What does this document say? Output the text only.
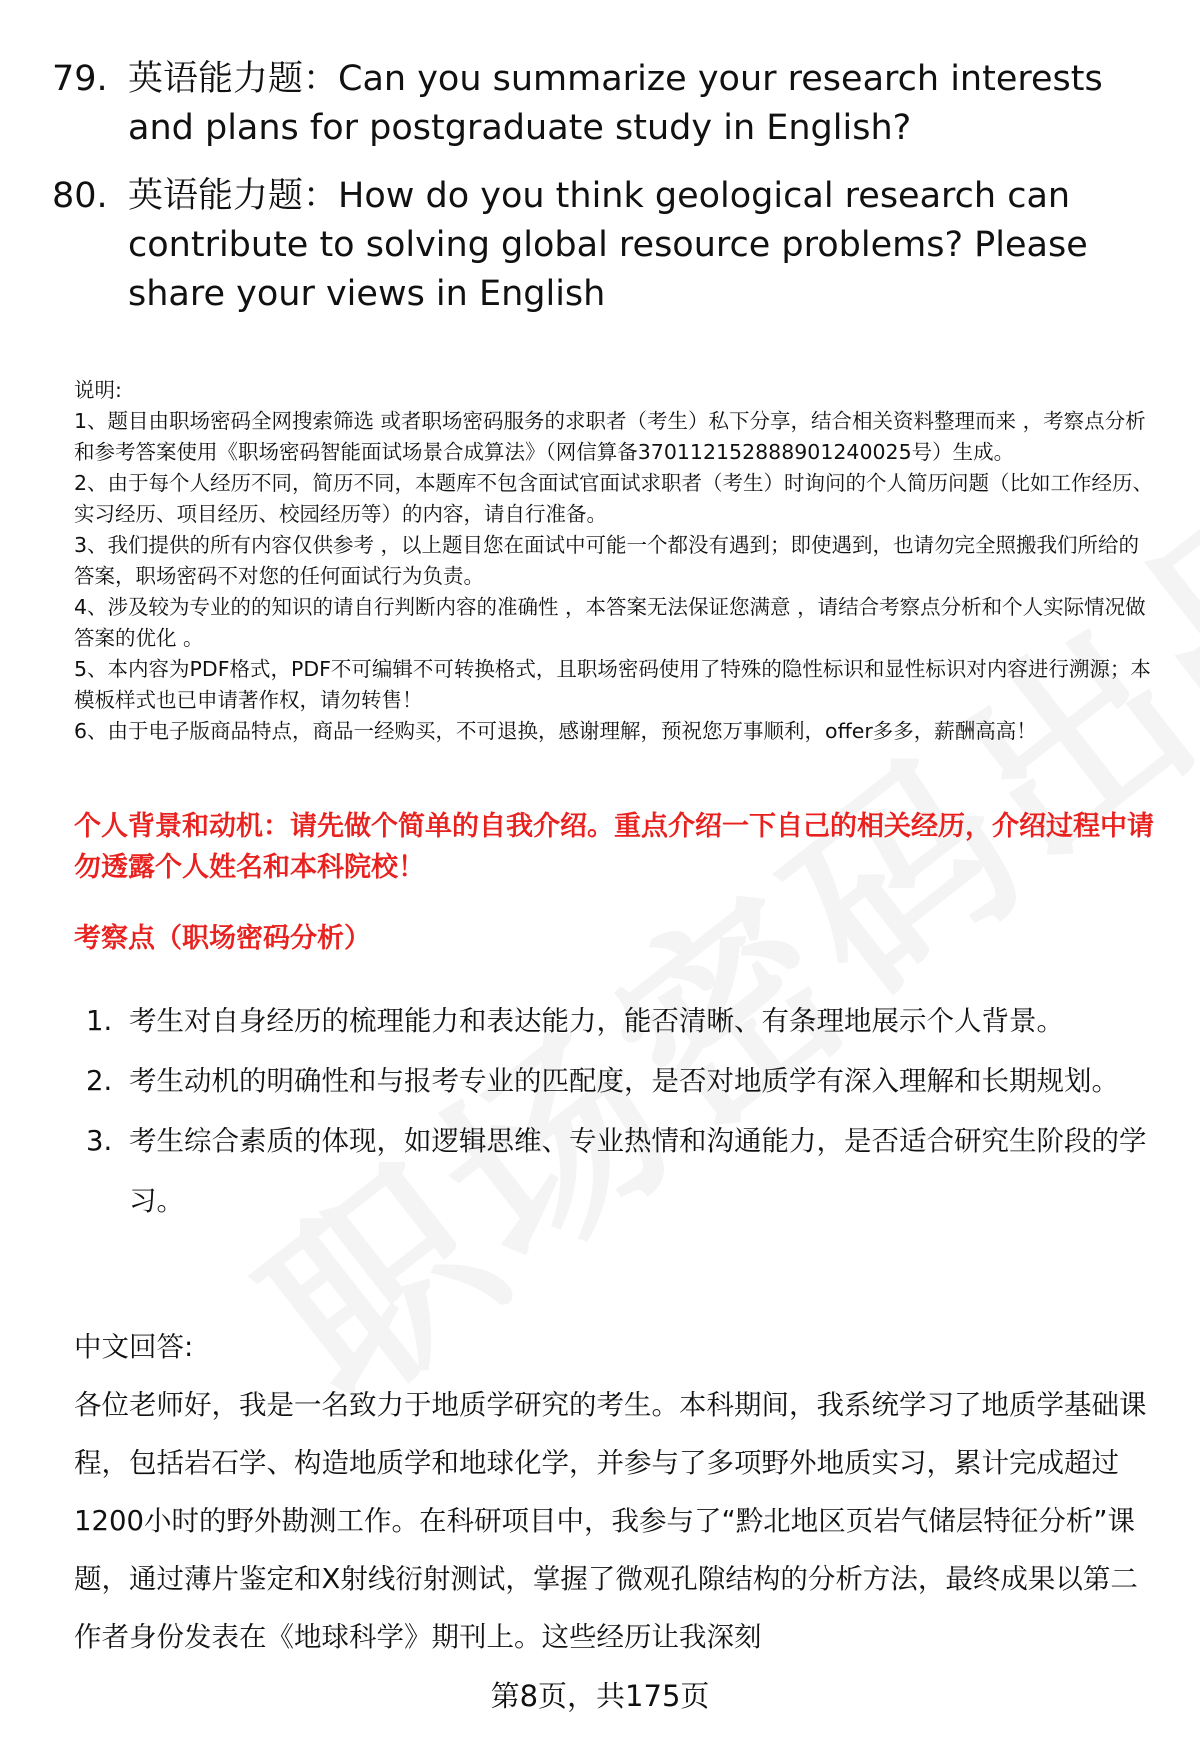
79. 英语能力题：Can you summarize your research interests and plans for postgraduate study in English?
80. 英语能力题：How do you think geological research can contribute to solving global resource problems? Please share your views in English

说明:

1、题目由职场密码全网搜索筛选 或者职场密码服务的求职者（考生）私下分享，结合相关资料整理而来 ，考察点分析和参考答案使用《职场密码智能面试场景合成算法》（网信算备370112152888901240025号）生成。

2、由于每个人经历不同，简历不同，本题库不包含面试官面试求职者（考生）时询问的个人简历问题（比如工作经历、实习经历、项目经历、校园经历等）的内容，请自行准备。

3、我们提供的所有内容仅供参考 ，以上题目您在面试中可能一个都没有遇到；即使遇到，也请勿完全照搬我们所给的答案，职场密码不对您的任何面试行为负责。

4、涉及较为专业的的知识的请自行判断内容的准确性 ，本答案无法保证您满意 ，请结合考察点分析和个人实际情况做答案的优化 。

5、本内容为PDF格式，PDF不可编辑不可转换格式，且职场密码使用了特殊的隐性标识和显性标识对内容进行溯源；本模板样式也已申请著作权，请勿转售！

6、由于电子版商品特点，商品一经购买，不可退换，感谢理解，预祝您万事顺利，offer多多，薪酬高高！

个人背景和动机：请先做个简单的自我介绍。重点介绍一下自己的相关经历，介绍过程中请勿透露个人姓名和本科院校！
考察点（职场密码分析）
1. 考生对自身经历的梳理能力和表达能力，能否清晰、有条理地展示个人背景。
2. 考生动机的明确性和与报考专业的匹配度，是否对地质学有深入理解和长期规划。
3. 考生综合素质的体现，如逻辑思维、专业热情和沟通能力，是否适合研究生阶段的学习。

中文回答:

各位老师好，我是一名致力于地质学研究的考生。本科期间，我系统学习了地质学基础课程，包括岩石学、构造地质学和地球化学，并参与了多项野外地质实习，累计完成超过1200小时的野外勘测工作。在科研项目中，我参与了“黔北地区页岩气储层特征分析”课题，通过薄片鉴定和X射线衍射测试，掌握了微观孔隙结构的分析方法，最终成果以第二作者身份发表在《地球科学》期刊上。这些经历让我深刻

第8页，共175页
